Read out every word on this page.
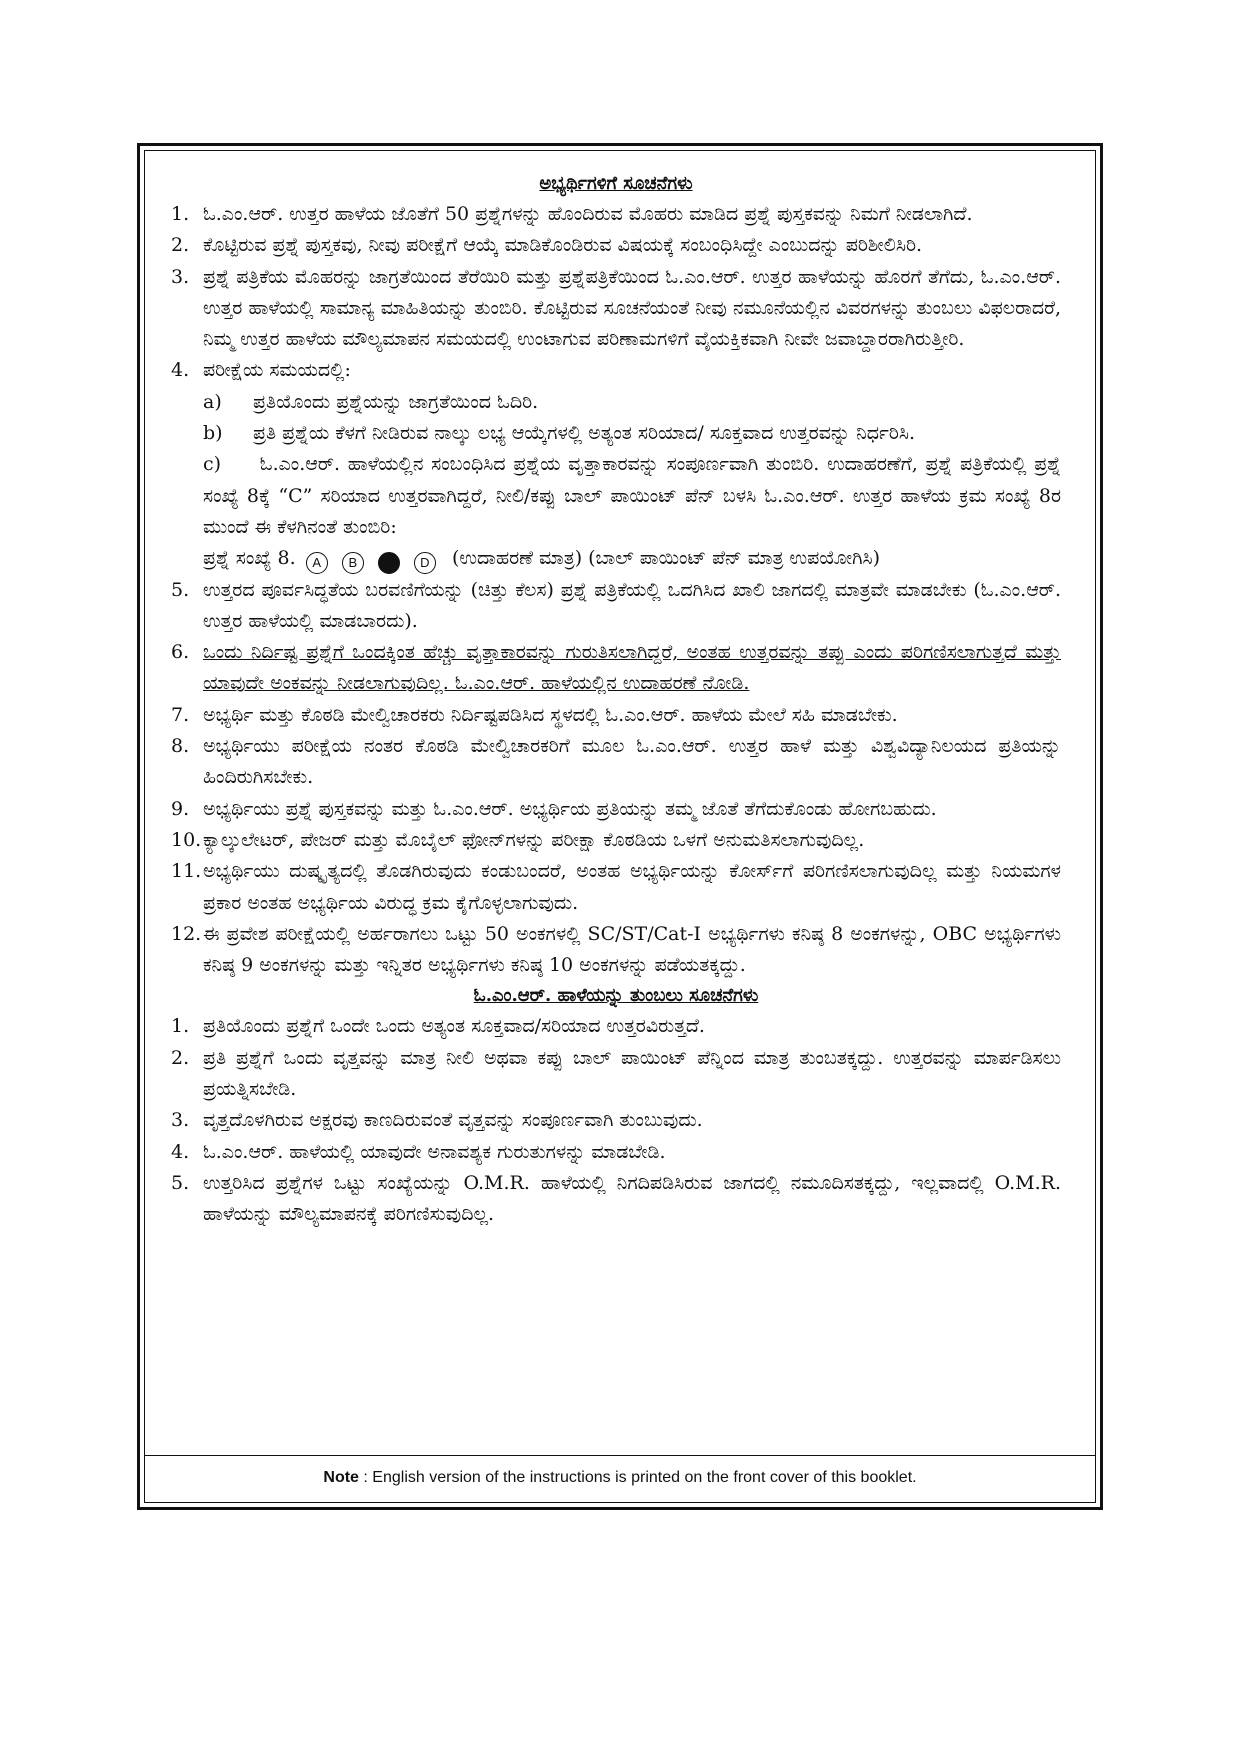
ಅಭ್ಯರ್ಥಿಗಳಿಗೆ ಸೂಚನೆಗಳು
1. ಓ.ಎಂ.ಆರ್. ಉತ್ತರ ಹಾಳೆಯ ಜೊತೆಗೆ 50 ಪ್ರಶ್ನೆಗಳನ್ನು ಹೊಂದಿರುವ ಮೊಹರು ಮಾಡಿದ ಪ್ರಶ್ನೆ ಪುಸ್ತಕವನ್ನು ನಿಮಗೆ ನೀಡಲಾಗಿದೆ.
2. ಕೊಟ್ಟಿರುವ ಪ್ರಶ್ನೆ ಪುಸ್ತಕವು, ನೀವು ಪರೀಕ್ಷೆಗೆ ಆಯ್ಕೆ ಮಾಡಿಕೊಂಡಿರುವ ವಿಷಯಕ್ಕೆ ಸಂಬಂಧಿಸಿದ್ದೇ ಎಂಬುದನ್ನು ಪರಿಶೀಲಿಸಿರಿ.
3. ಪ್ರಶ್ನೆ ಪತ್ರಿಕೆಯ ಮೊಹರನ್ನು ಜಾಗ್ರತೆಯಿಂದ ತೆರೆಯಿರಿ ಮತ್ತು ಪ್ರಶ್ನೆಪತ್ರಿಕೆಯಿಂದ ಓ.ಎಂ.ಆರ್. ಉತ್ತರ ಹಾಳೆಯನ್ನು ಹೊರಗೆ ತೆಗೆದು, ಓ.ಎಂ.ಆರ್. ಉತ್ತರ ಹಾಳೆಯಲ್ಲಿ ಸಾಮಾನ್ಯ ಮಾಹಿತಿಯನ್ನು ತುಂಬಿರಿ. ಕೊಟ್ಟಿರುವ ಸೂಚನೆಯಂತೆ ನೀವು ನಮೂನೆಯಲ್ಲಿನ ವಿವರಗಳನ್ನು ತುಂಬಲು ವಿಫಲರಾದರೆ, ನಿಮ್ಮ ಉತ್ತರ ಹಾಳೆಯ ಮೌಲ್ಯಮಾಪನ ಸಮಯದಲ್ಲಿ ಉಂಟಾಗುವ ಪರಿಣಾಮಗಳಿಗೆ ವೈಯಕ್ತಿಕವಾಗಿ ನೀವೇ ಜವಾಬ್ದಾರರಾಗಿರುತ್ತೀರಿ.
4. ಪರೀಕ್ಷೆಯ ಸಮಯದಲ್ಲಿ:
a)	ಪ್ರತಿಯೊಂದು ಪ್ರಶ್ನೆಯನ್ನು ಜಾಗ್ರತೆಯಿಂದ ಓದಿರಿ.
b)	ಪ್ರತಿ ಪ್ರಶ್ನೆಯ ಕೆಳಗೆ ನೀಡಿರುವ ನಾಲ್ಕು ಲಭ್ಯ ಆಯ್ಕೆಗಳಲ್ಲಿ ಅತ್ಯಂತ ಸರಿಯಾದ/ ಸೂಕ್ತವಾದ ಉತ್ತರವನ್ನು ನಿರ್ಧರಿಸಿ.
c) ಓ.ಎಂ.ಆರ್. ಹಾಳೆಯಲ್ಲಿನ ಸಂಬಂಧಿಸಿದ ಪ್ರಶ್ನೆಯ ವೃತ್ತಾಕಾರವನ್ನು ಸಂಪೂರ್ಣವಾಗಿ ತುಂಬಿರಿ. ಉದಾಹರಣೆಗೆ, ಪ್ರಶ್ನೆ ಪತ್ರಿಕೆಯಲ್ಲಿ ಪ್ರಶ್ನೆ ಸಂಖ್ಯೆ 8ಕ್ಕೆ “C” ಸರಿಯಾದ ಉತ್ತರವಾಗಿದ್ದರೆ, ನೀಲಿ/ಕಪ್ಪು ಬಾಲ್ ಪಾಯಿಂಟ್ ಪೆನ್ ಬಳಸಿ ಓ.ಎಂ.ಆರ್. ಉತ್ತರ ಹಾಳೆಯ ಕ್ರಮ ಸಂಖ್ಯೆ 8ರ ಮುಂದೆ ಈ ಕೆಳಗಿನಂತೆ ತುಂಬಿರಿ:
ಪ್ರಶ್ನೆ ಸಂಖ್ಯೆ 8. A B C D (ಉದಾಹರಣೆ ಮಾತ್ರ) (ಬಾಲ್ ಪಾಯಿಂಟ್ ಪೆನ್ ಮಾತ್ರ ಉಪಯೋಗಿಸಿ)
5. ಉತ್ತರದ ಪೂರ್ವಸಿದ್ಧತೆಯ ಬರವಣಿಗೆಯನ್ನು (ಚಿತ್ತು ಕೆಲಸ) ಪ್ರಶ್ನೆ ಪತ್ರಿಕೆಯಲ್ಲಿ ಒದಗಿಸಿದ ಖಾಲಿ ಜಾಗದಲ್ಲಿ ಮಾತ್ರವೇ ಮಾಡಬೇಕು (ಓ.ಎಂ.ಆರ್. ಉತ್ತರ ಹಾಳೆಯಲ್ಲಿ ಮಾಡಬಾರದು).
6. ಒಂದು ನಿರ್ದಿಷ್ಟ ಪ್ರಶ್ನೆಗೆ ಒಂದಕ್ಕಿಂತ ಹೆಚ್ಚು ವೃತ್ತಾಕಾರವನ್ನು ಗುರುತಿಸಲಾಗಿದ್ದರೆ, ಅಂತಹ ಉತ್ತರವನ್ನು ತಪ್ಪು ಎಂದು ಪರಿಗಣಿಸಲಾಗುತ್ತದೆ ಮತ್ತು ಯಾವುದೇ ಅಂಕವನ್ನು ನೀಡಲಾಗುವುದಿಲ್ಲ. ಓ.ಎಂ.ಆರ್. ಹಾಳೆಯಲ್ಲಿನ ಉದಾಹರಣೆ ನೋಡಿ.
7. ಅಭ್ಯರ್ಥಿ ಮತ್ತು ಕೊಠಡಿ ಮೇಲ್ವಿಚಾರಕರು ನಿರ್ದಿಷ್ಟಪಡಿಸಿದ ಸ್ಥಳದಲ್ಲಿ ಓ.ಎಂ.ಆರ್. ಹಾಳೆಯ ಮೇಲೆ ಸಹಿ ಮಾಡಬೇಕು.
8. ಅಭ್ಯರ್ಥಿಯು ಪರೀಕ್ಷೆಯ ನಂತರ ಕೊಠಡಿ ಮೇಲ್ವಿಚಾರಕರಿಗೆ ಮೂಲ ಓ.ಎಂ.ಆರ್. ಉತ್ತರ ಹಾಳೆ ಮತ್ತು ವಿಶ್ವವಿದ್ಯಾನಿಲಯದ ಪ್ರತಿಯನ್ನು ಹಿಂದಿರುಗಿಸಬೇಕು.
9. ಅಭ್ಯರ್ಥಿಯು ಪ್ರಶ್ನೆ ಪುಸ್ತಕವನ್ನು ಮತ್ತು ಓ.ಎಂ.ಆರ್. ಅಭ್ಯರ್ಥಿಯ ಪ್ರತಿಯನ್ನು ತಮ್ಮ ಜೊತೆ ತೆಗೆದುಕೊಂಡು ಹೋಗಬಹುದು.
10. ಕ್ಯಾಲ್ಕುಲೇಟರ್, ಪೇಜರ್ ಮತ್ತು ಮೊಬೈಲ್ ಫೋನ್‌ಗಳನ್ನು ಪರೀಕ್ಷಾ ಕೊಠಡಿಯ ಒಳಗೆ ಅನುಮತಿಸಲಾಗುವುದಿಲ್ಲ.
11. ಅಭ್ಯರ್ಥಿಯು ದುಷ್ಕೃತ್ಯದಲ್ಲಿ ತೊಡಗಿರುವುದು ಕಂಡುಬಂದರೆ, ಅಂತಹ ಅಭ್ಯರ್ಥಿಯನ್ನು ಕೋರ್ಸ್‌ಗೆ ಪರಿಗಣಿಸಲಾಗುವುದಿಲ್ಲ ಮತ್ತು ನಿಯಮಗಳ ಪ್ರಕಾರ ಅಂತಹ ಅಭ್ಯರ್ಥಿಯ ವಿರುದ್ಧ ಕ್ರಮ ಕೈಗೊಳ್ಳಲಾಗುವುದು.
12. ಈ ಪ್ರವೇಶ ಪರೀಕ್ಷೆಯಲ್ಲಿ ಅರ್ಹರಾಗಲು ಒಟ್ಟು 50 ಅಂಕಗಳಲ್ಲಿ SC/ST/Cat-I ಅಭ್ಯರ್ಥಿಗಳು ಕನಿಷ್ಠ 8 ಅಂಕಗಳನ್ನು, OBC ಅಭ್ಯರ್ಥಿಗಳು ಕನಿಷ್ಠ 9 ಅಂಕಗಳನ್ನು ಮತ್ತು ಇನ್ನಿತರ ಅಭ್ಯರ್ಥಿಗಳು ಕನಿಷ್ಠ 10 ಅಂಕಗಳನ್ನು ಪಡೆಯತಕ್ಕದ್ದು.
ಓ.ಎಂ.ಆರ್. ಹಾಳೆಯನ್ನು ತುಂಬಲು ಸೂಚನೆಗಳು
1. ಪ್ರತಿಯೊಂದು ಪ್ರಶ್ನೆಗೆ ಒಂದೇ ಒಂದು ಅತ್ಯಂತ ಸೂಕ್ತವಾದ/ಸರಿಯಾದ ಉತ್ತರವಿರುತ್ತದೆ.
2. ಪ್ರತಿ ಪ್ರಶ್ನೆಗೆ ಒಂದು ವೃತ್ತವನ್ನು ಮಾತ್ರ ನೀಲಿ ಅಥವಾ ಕಪ್ಪು ಬಾಲ್ ಪಾಯಿಂಟ್ ಪೆನ್ನಿಂದ ಮಾತ್ರ ತುಂಬತಕ್ಕದ್ದು. ಉತ್ತರವನ್ನು ಮಾರ್ಪಡಿಸಲು ಪ್ರಯತ್ನಿಸಬೇಡಿ.
3. ವೃತ್ತದೊಳಗಿರುವ ಅಕ್ಷರವು ಕಾಣದಿರುವಂತೆ ವೃತ್ತವನ್ನು ಸಂಪೂರ್ಣವಾಗಿ ತುಂಬುವುದು.
4. ಓ.ಎಂ.ಆರ್. ಹಾಳೆಯಲ್ಲಿ ಯಾವುದೇ ಅನಾವಶ್ಯಕ ಗುರುತುಗಳನ್ನು ಮಾಡಬೇಡಿ.
5. ಉತ್ತರಿಸಿದ ಪ್ರಶ್ನೆಗಳ ಒಟ್ಟು ಸಂಖ್ಯೆಯನ್ನು O.M.R. ಹಾಳೆಯಲ್ಲಿ ನಿಗದಿಪಡಿಸಿರುವ ಜಾಗದಲ್ಲಿ ನಮೂದಿಸತಕ್ಕದ್ದು, ಇಲ್ಲವಾದಲ್ಲಿ O.M.R. ಹಾಳೆಯನ್ನು ಮೌಲ್ಯಮಾಪನಕ್ಕೆ ಪರಿಗಣಿಸುವುದಿಲ್ಲ.
Note : English version of the instructions is printed on the front cover of this booklet.
